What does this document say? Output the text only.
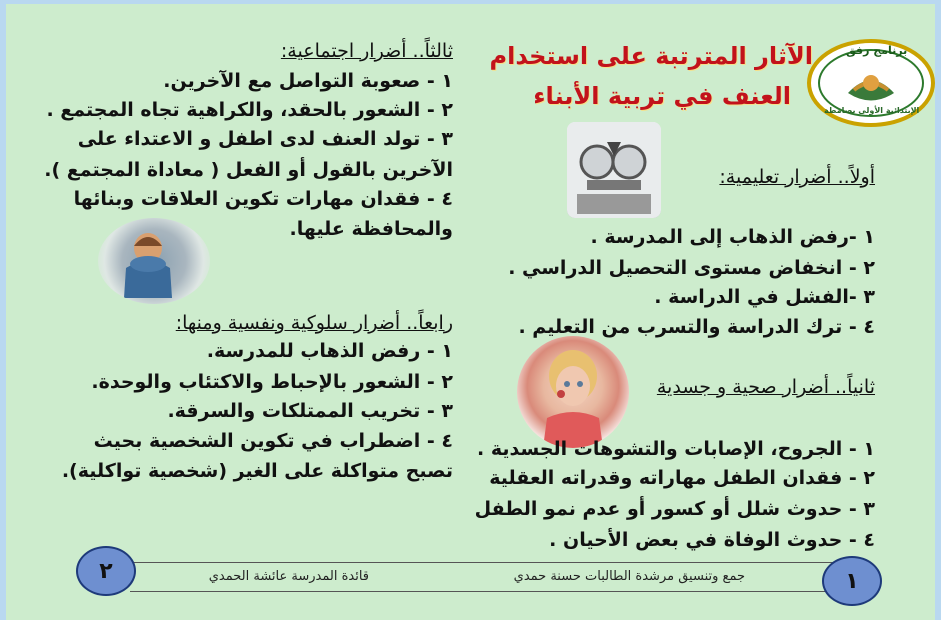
برنامج رفق
الإبتدائية الأولى بصامطة
الآثار المترتبة على استخدام
العنف في تربية الأبناء
أولاً.. أضرار تعليمية:
١ -رفض الذهاب إلى المدرسة .
٢ - انخفاض مستوى التحصيل الدراسي .
٣ -الفشل في الدراسة .
٤ - ترك الدراسة والتسرب من التعليم .
ثانياً.. أضرار صحية و جسدية
١ - الجروح، الإصابات والتشوهات الجسدية .
٢ - فقدان الطفل مهاراته وقدراته العقلية
٣ - حدوث شلل أو كسور أو عدم نمو الطفل
٤ - حدوث الوفاة في بعض الأحيان .
ثالثاً.. أضرار اجتماعية:
١ - صعوبة التواصل مع الآخرين.
٢ - الشعور بالحقد، والكراهية تجاه المجتمع .
٣ - تولد العنف لدى اطفل و الاعتداء على
الآخرين بالقول أو الفعل ( معاداة المجتمع ).
٤ - فقدان مهارات تكوين العلاقات وبنائها
والمحافظة عليها.
رابعاً.. أضرار سلوكية ونفسية ومنها:
١ - رفض الذهاب للمدرسة.
٢ - الشعور بالإحباط والاكتئاب والوحدة.
٣ - تخريب الممتلكات والسرقة.
٤ - اضطراب في تكوين الشخصية بحيث
تصبح متواكلة على الغير (شخصية تواكلية).
جمع وتنسيق مرشدة الطالبات حسنة حمدي
قائدة المدرسة عائشة الحمدي	١
٢
